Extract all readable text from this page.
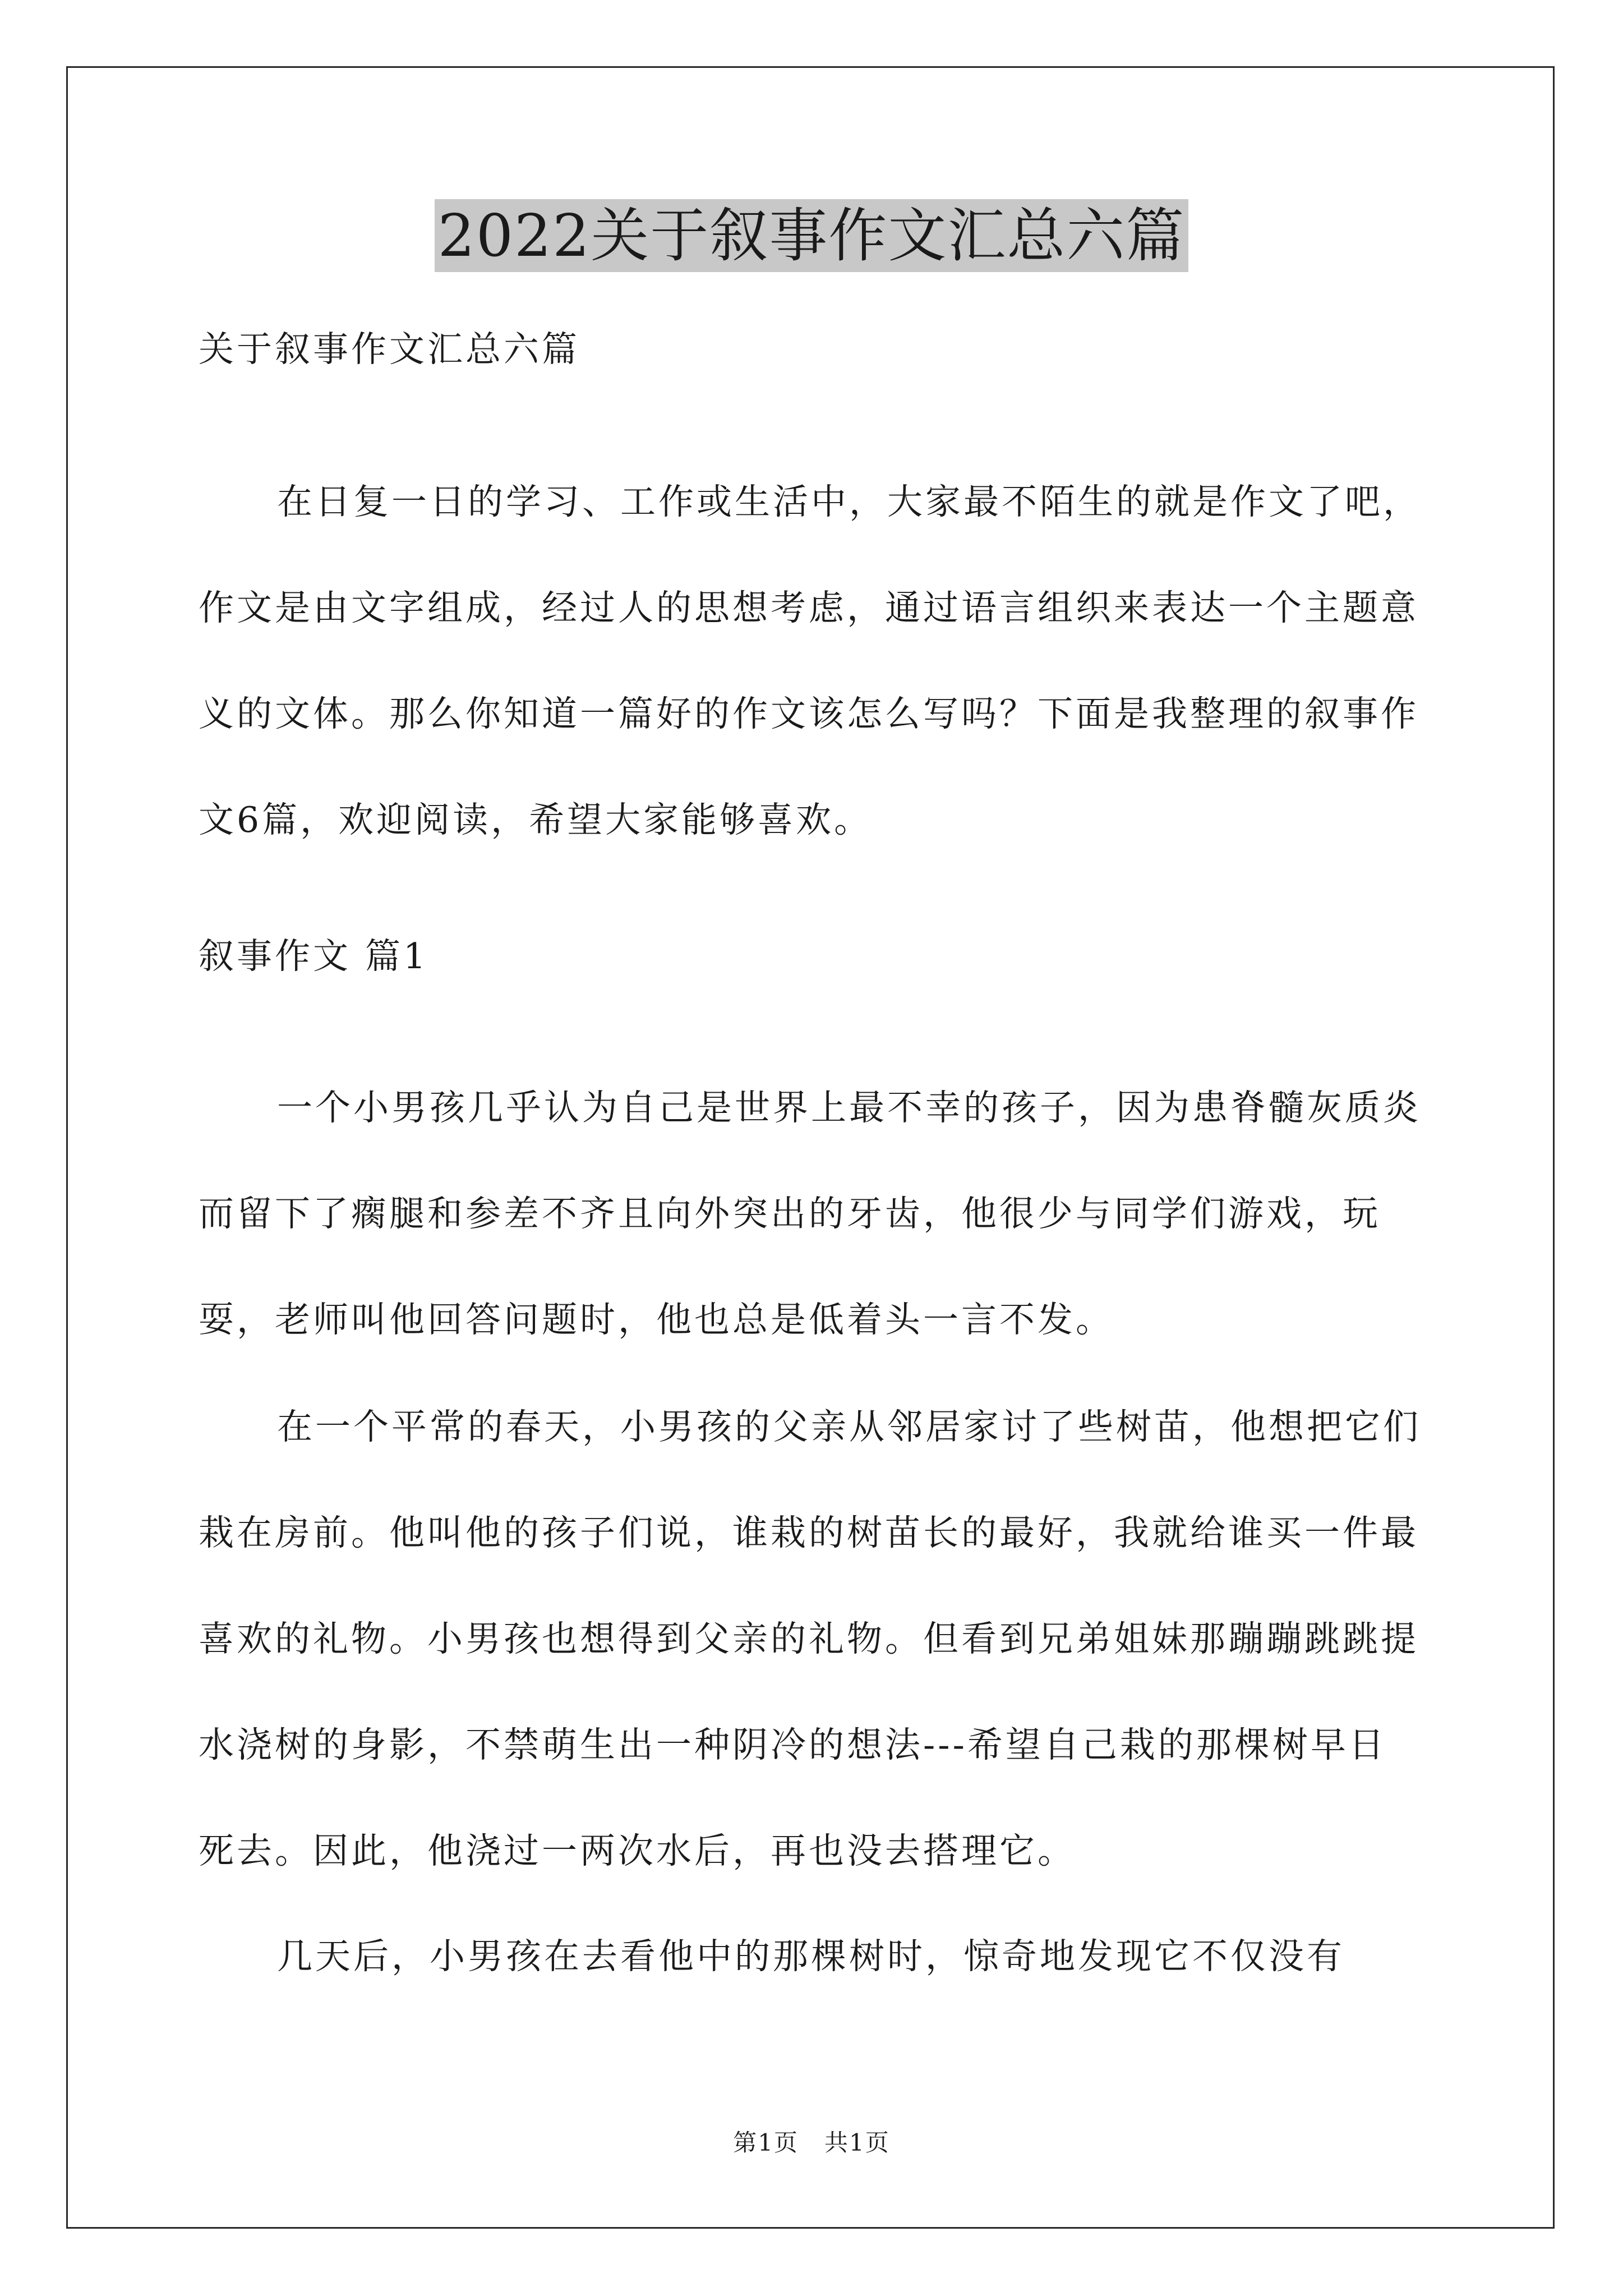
2022关于叙事作文汇总六篇
关于叙事作文汇总六篇

在日复一日的学习、工作或生活中，大家最不陌生的就是作文了吧，作文是由文字组成，经过人的思想考虑，通过语言组织来表达一个主题意义的文体。那么你知道一篇好的作文该怎么写吗？下面是我整理的叙事作文6篇，欢迎阅读，希望大家能够喜欢。

叙事作文 篇1

一个小男孩几乎认为自己是世界上最不幸的孩子，因为患脊髓灰质炎而留下了瘸腿和参差不齐且向外突出的牙齿，他很少与同学们游戏，玩耍，老师叫他回答问题时，他也总是低着头一言不发。

在一个平常的春天，小男孩的父亲从邻居家讨了些树苗，他想把它们栽在房前。他叫他的孩子们说，谁栽的树苗长的最好，我就给谁买一件最喜欢的礼物。小男孩也想得到父亲的礼物。但看到兄弟姐妹那蹦蹦跳跳提水浇树的身影，不禁萌生出一种阴冷的想法---希望自己栽的那棵树早日死去。因此，他浇过一两次水后，再也没去搭理它。

几天后，小男孩在去看他中的那棵树时，惊奇地发现它不仅没有

第1页 共1页
